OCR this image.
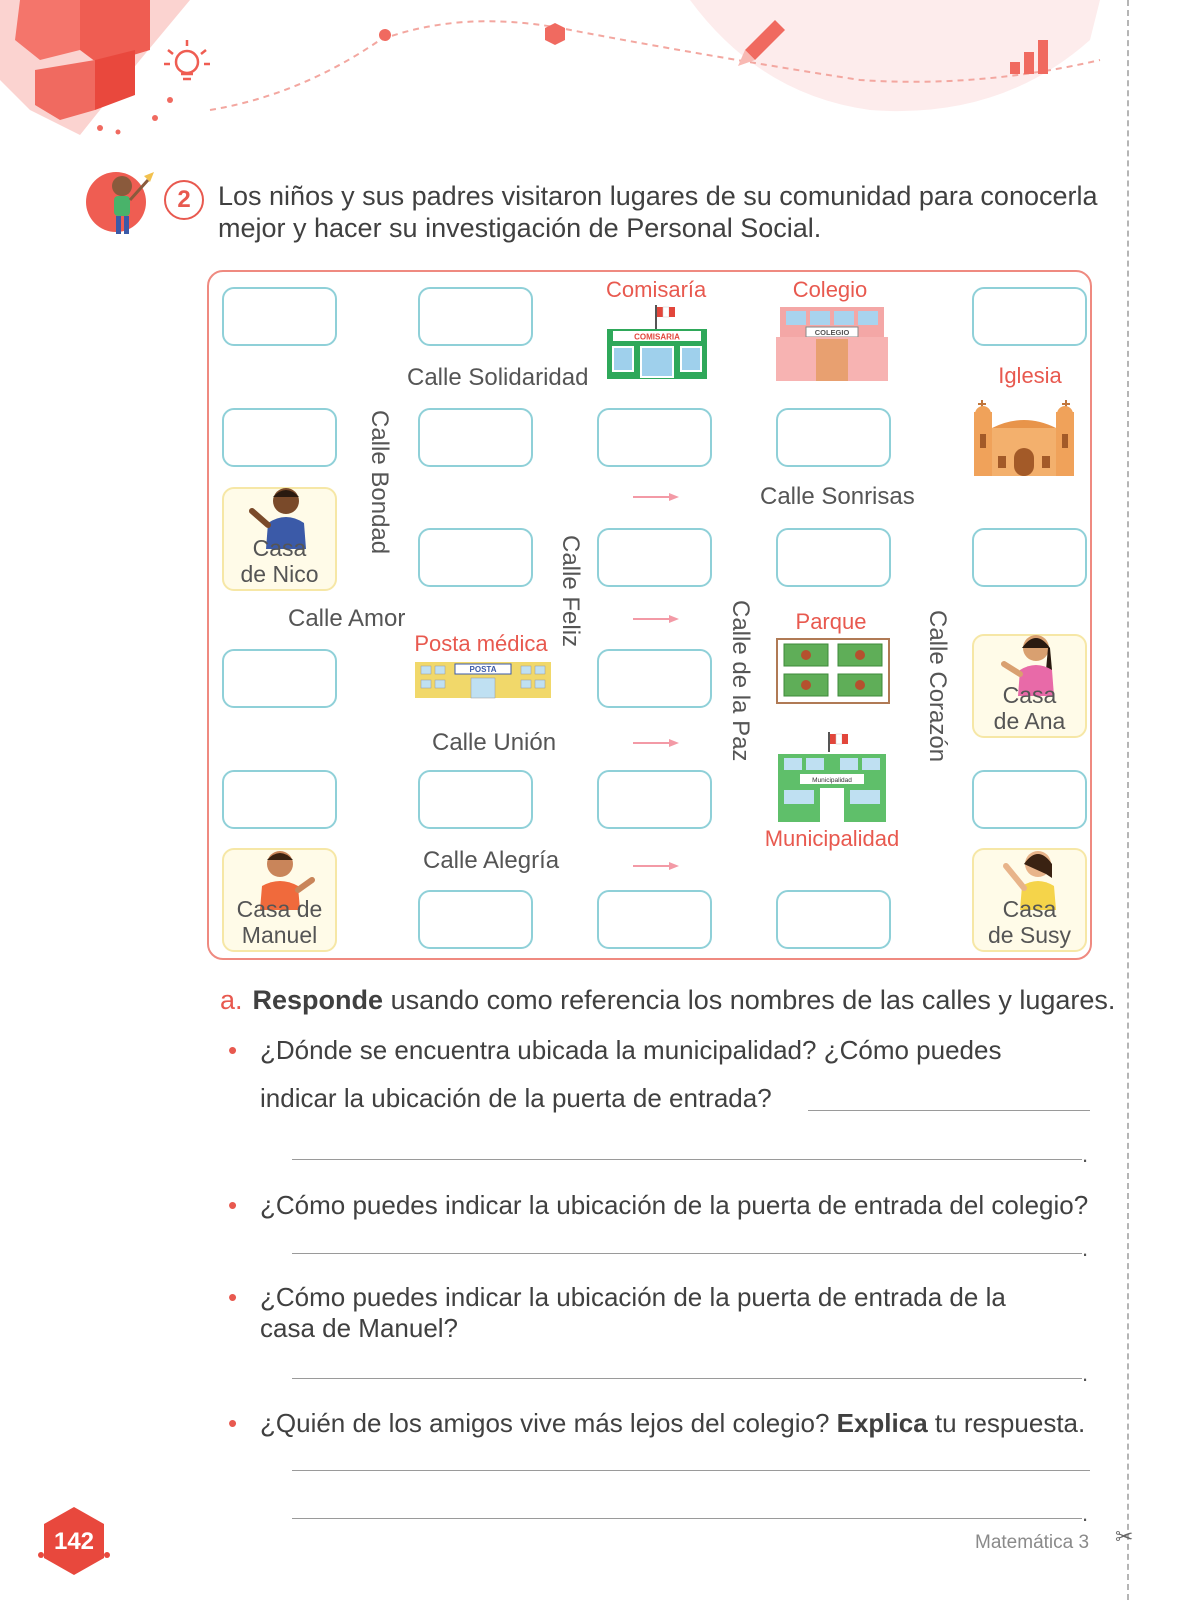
2	Los niños y sus padres visitaron lugares de su comunidad para conocerla mejor y hacer su investigación de Personal Social.
Calle Solidaridad
Calle Sonrisas
Calle Amor
Calle Unión
Calle Alegría
Calle Bondad
Calle Feliz
Calle de la Paz	Calle Corazón
Comisaría
COMISARIA
Colegio
COLEGIO
Iglesia
Posta médica
POSTA
Parque
Municipalidad
Municipalidad
Casa
de Nico
Casa
de Ana
Casa de
Manuel
Casa
de Susy
a. Responde usando como referencia los nombres de las calles y lugares.
• ¿Dónde se encuentra ubicada la municipalidad? ¿Cómo puedes
indicar la ubicación de la puerta de entrada?
.
• ¿Cómo puedes indicar la ubicación de la puerta de entrada del colegio?
.
• ¿Cómo puedes indicar la ubicación de la puerta de entrada de la
casa de Manuel?
.
• ¿Quién de los amigos vive más lejos del colegio? Explica tu respuesta.
.
142	Matemática 3 ✂
